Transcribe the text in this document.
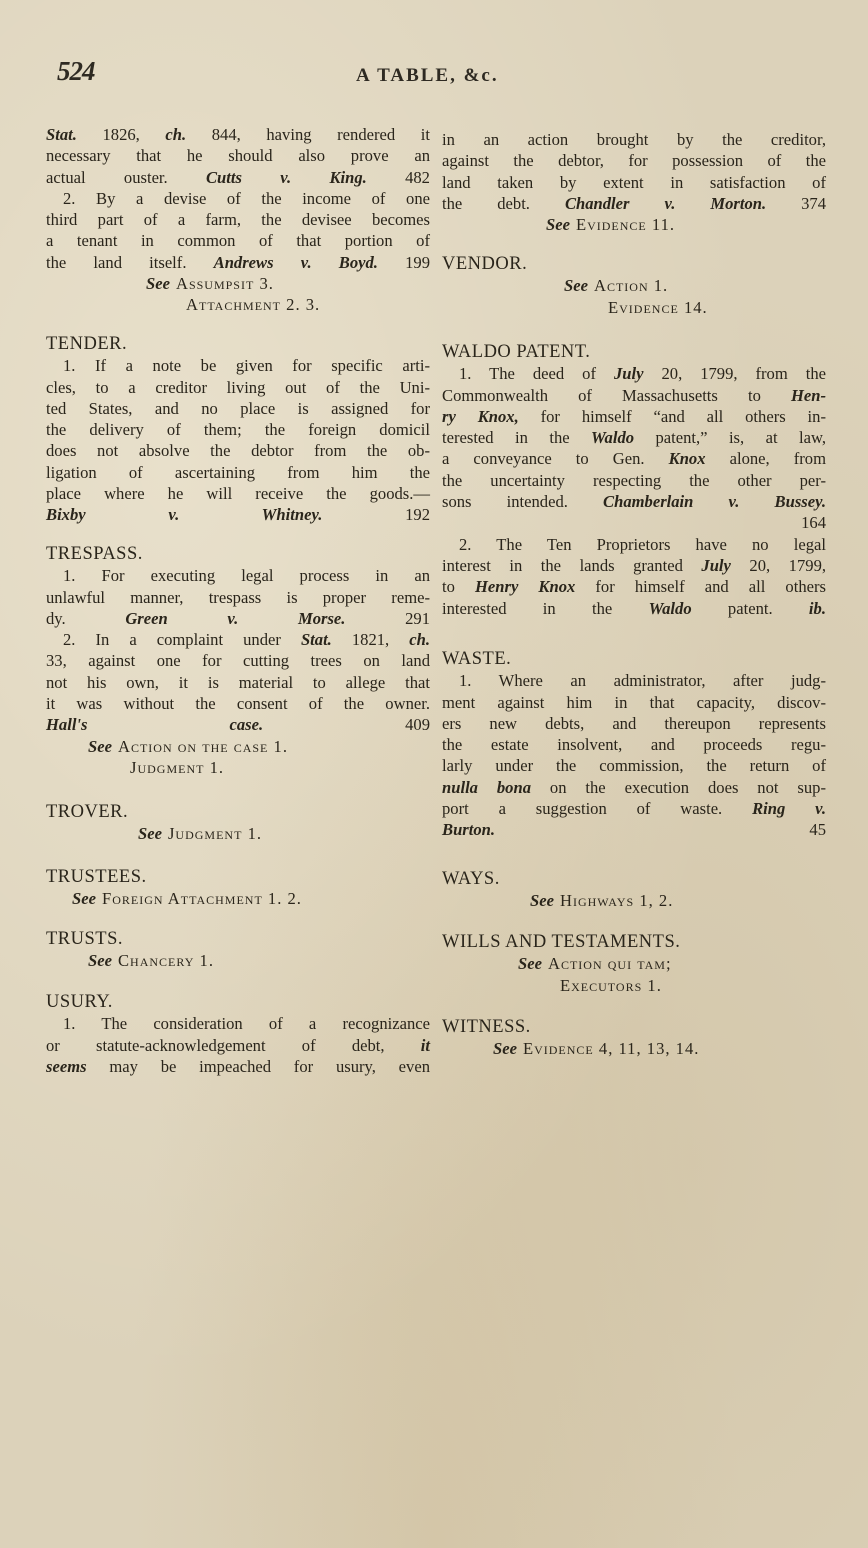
524	A TABLE, &c.
Stat. 1826, ch. 844, having rendered it
necessary that he should also prove an
actual ouster. Cutts v. King. 482
2. By a devise of the income of one
third part of a farm, the devisee becomes
a tenant in common of that portion of
the land itself. Andrews v. Boyd. 199
See Assumpsit 3.
Attachment 2. 3.
TENDER.
1. If a note be given for specific arti-
cles, to a creditor living out of the Uni-
ted States, and no place is assigned for
the delivery of them; the foreign domicil
does not absolve the debtor from the ob-
ligation of ascertaining from him the
place where he will receive the goods.—
Bixby v. Whitney. 192
TRESPASS.
1. For executing legal process in an
unlawful manner, trespass is proper reme-
dy. Green v. Morse. 291
2. In a complaint under Stat. 1821, ch.
33, against one for cutting trees on land
not his own, it is material to allege that
it was without the consent of the owner.
Hall's case. 409
See Action on the case 1.
Judgment 1.
TROVER.
See Judgment 1.
TRUSTEES.
See Foreign Attachment 1. 2.
TRUSTS.
See Chancery 1.
USURY.
1. The consideration of a recognizance
or statute-acknowledgement of debt, it
seems may be impeached for usury, even
in an action brought by the creditor,
against the debtor, for possession of the
land taken by extent in satisfaction of
the debt. Chandler v. Morton. 374
See Evidence 11.
VENDOR.
See Action 1.
Evidence 14.
WALDO PATENT.
1. The deed of July 20, 1799, from the
Commonwealth of Massachusetts to Hen-
ry Knox, for himself “and all others in-
terested in the Waldo patent,” is, at law,
a conveyance to Gen. Knox alone, from
the uncertainty respecting the other per-
sons intended. Chamberlain v. Bussey.
164
2. The Ten Proprietors have no legal
interest in the lands granted July 20, 1799,
to Henry Knox for himself and all others
interested in the Waldo patent. ib.
WASTE.
1. Where an administrator, after judg-
ment against him in that capacity, discov-
ers new debts, and thereupon represents
the estate insolvent, and proceeds regu-
larly under the commission, the return of
nulla bona on the execution does not sup-
port a suggestion of waste. Ring v.
Burton. 45
WAYS.
See Highways 1, 2.
WILLS AND TESTAMENTS.
See Action qui tam;
Executors 1.
WITNESS.
See Evidence 4, 11, 13, 14.
